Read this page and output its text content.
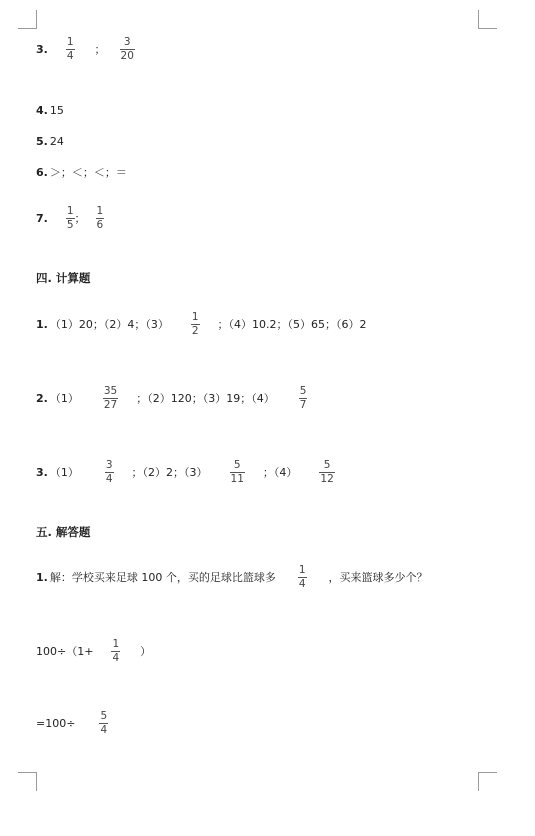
3. $\frac{1}{4}$ ； $\frac{3}{20}$
4. 15
5. 24
6. ＞；＜；＜；＝
7. $\frac{1}{5}$ ； $\frac{1}{6}$
四. 计算题
1. （1）20；（2）4；$(3) \frac{1}{2}$ ；（4）10.2；（5）65；（6）2
2. $(1) \frac{35}{27}$ ；（2）120；（3）19；$(4) \frac{5}{7}$
3. $(1) \frac{3}{4}$ ；（2）2；$(3) \frac{5}{11}$ ；$(4) \frac{5}{12}$
五. 解答题
1. 解：学校买来足球 100 个，买的足球比篮球多 $\frac{1}{4}$ ，买来篮球多少个？
$100\div(1+ \frac{1}{4}$ ）
$=100\div \frac{5}{4}$
